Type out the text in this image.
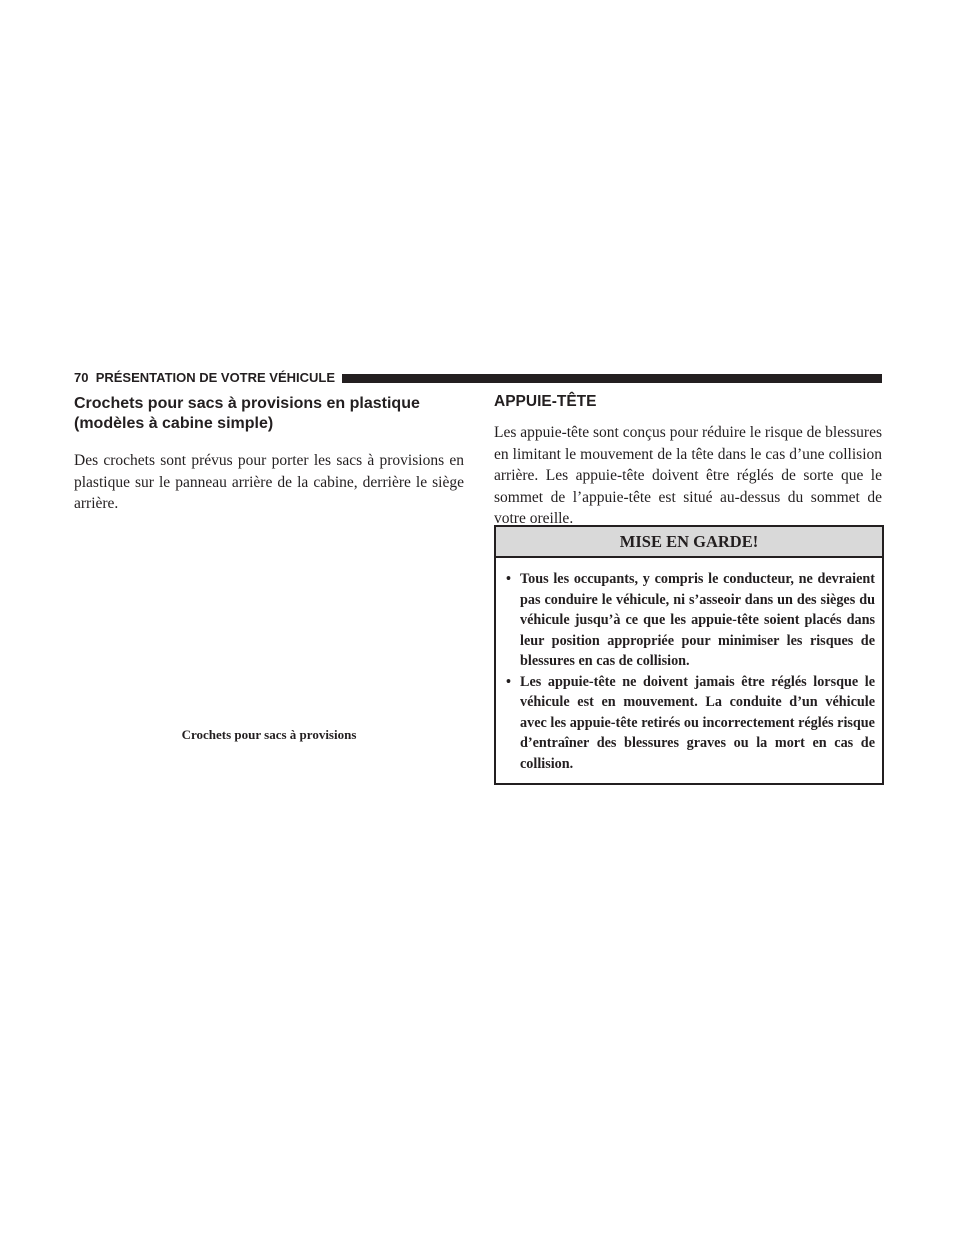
70 PRÉSENTATION DE VOTRE VÉHICULE
Crochets pour sacs à provisions en plastique (modèles à cabine simple)

Des crochets sont prévus pour porter les sacs à provisions en plastique sur le panneau arrière de la cabine, derrière le siège arrière.

Crochets pour sacs à provisions
APPUIE-TÊTE

Les appuie-tête sont conçus pour réduire le risque de blessures en limitant le mouvement de la tête dans le cas d’une collision arrière. Les appuie-tête doivent être réglés de sorte que le sommet de l’appuie-tête est situé au-dessus du sommet de votre oreille.

MISE EN GARDE!
• Tous les occupants, y compris le conducteur, ne devraient pas conduire le véhicule, ni s’asseoir dans un des sièges du véhicule jusqu’à ce que les appuie-tête soient placés dans leur position appropriée pour minimiser les risques de blessures en cas de collision.
• Les appuie-tête ne doivent jamais être réglés lorsque le véhicule est en mouvement. La conduite d’un véhicule avec les appuie-tête retirés ou incorrectement réglés risque d’entraîner des blessures graves ou la mort en cas de collision.
